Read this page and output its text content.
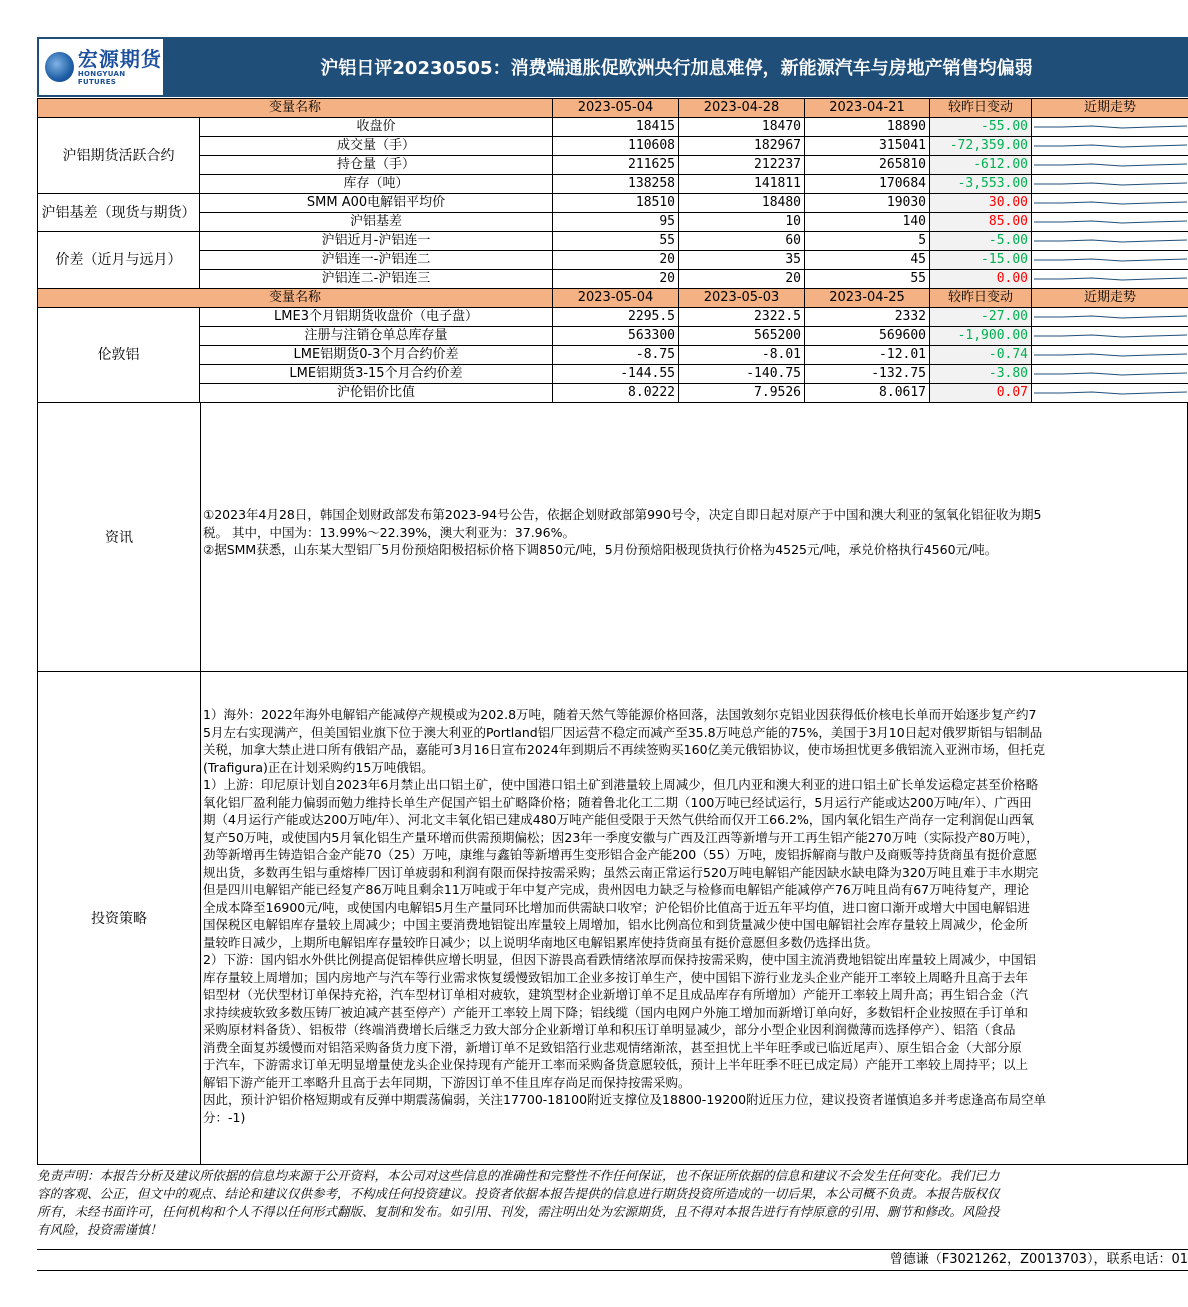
宏源期货
HONGYUAN FUTURES
沪铝日评20230505：消费端通胀促欧洲央行加息难停，新能源汽车与房地产销售均偏弱
变量名称		2023-05-04	2023-04-28	2023-04-21	较昨日变动	近期走势
沪铝期货活跃合约	收盘价	18415	18470	18890	-55.00	

	成交量（手）	110608	182967	315041	-72,359.00	

	持仓量（手）	211625	212237	265810	-612.00	

	库存（吨）	138258	141811	170684	-3,553.00	

沪铝基差（现货与期货）	SMM A00电解铝平均价	18510	18480	19030	30.00	

	沪铝基差	95	10	140	85.00	

价差（近月与远月）	沪铝近月-沪铝连一	55	60	5	-5.00	

	沪铝连一-沪铝连二	20	35	45	-15.00	

	沪铝连二-沪铝连三	20	20	55	0.00	
变量名称		2023-05-04	2023-05-03	2023-04-25	较昨日变动	近期走势
伦敦铝	LME3个月铝期货收盘价（电子盘）	2295.5	2322.5	2332	-27.00	

	注册与注销仓单总库存量	563300	565200	569600	-1,900.00	

	LME铝期货0-3个月合约价差	-8.75	-8.01	-12.01	-0.74	

	LME铝期货3-15个月合约价差	-144.55	-140.75	-132.75	-3.80	

	沪伦铝价比值	8.0222	7.9526	8.0617	0.07	
资讯
①2023年4月28日，韩国企划财政部发布第2023-94号公告，依据企划财政部第990号令，决定自即日起对原产于中国和澳大利亚的氢氧化铝征收为期5
税。 其中，中国为：13.99%～22.39%，澳大利亚为：37.96%。
②据SMM获悉，山东某大型铝厂5月份预焙阳极招标价格下调850元/吨，5月份预焙阳极现货执行价格为4525元/吨，承兑价格执行4560元/吨。
投资策略
1）海外：2022年海外电解铝产能减停产规模或为202.8万吨，随着天然气等能源价格回落，法国敦刻尔克铝业因获得低价核电长单而开始逐步复产约7
5月左右实现满产，但美国铝业旗下位于澳大利亚的Portland铝厂因运营不稳定而减产至35.8万吨总产能的75%，美国于3月10日起对俄罗斯铝与铝制品
关税，加拿大禁止进口所有俄铝产品，嘉能可3月16日宣布2024年到期后不再续签购买160亿美元俄铝协议，使市场担忧更多俄铝流入亚洲市场，但托克
(Trafigura)正在计划采购约15万吨俄铝。
1）上游：印尼原计划自2023年6月禁止出口铝土矿，使中国港口铝土矿到港量较上周减少，但几内亚和澳大利亚的进口铝土矿长单发运稳定甚至价格略
氧化铝厂盈利能力偏弱而勉力维持长单生产促国产铝土矿略降价格；随着鲁北化工二期（100万吨已经试运行，5月运行产能或达200万吨/年）、广西田
期（4月运行产能或达200万吨/年）、河北文丰氧化铝已建成480万吨产能但受限于天然气供给而仅开工66.2%，国内氧化铝生产尚存一定利润促山西氧
复产50万吨，或使国内5月氧化铝生产量环增而供需预期偏松；因23年一季度安徽与广西及江西等新增与开工再生铝产能270万吨（实际投产80万吨），
劲等新增再生铸造铝合金产能70（25）万吨，康维与鑫铂等新增再生变形铝合金产能200（55）万吨，废铝拆解商与散户及商贩等持货商虽有挺价意愿
规出货，多数再生铝与重熔棒厂因订单疲弱和利润有限而保持按需采购；虽然云南正常运行520万吨电解铝产能因缺水缺电降为320万吨且难于丰水期完
但是四川电解铝产能已经复产86万吨且剩余11万吨或于年中复产完成，贵州因电力缺乏与检修而电解铝产能减停产76万吨且尚有67万吨待复产，理论
全成本降至16900元/吨，或使国内电解铝5月生产量同环比增加而供需缺口收窄；沪伦铝价比值高于近五年平均值，进口窗口渐开或增大中国电解铝进
国保税区电解铝库存量较上周减少；中国主要消费地铝锭出库量较上周增加，铝水比例高位和到货量减少使中国电解铝社会库存量较上周减少，伦金所
量较昨日减少，上期所电解铝库存量较昨日减少；以上说明华南地区电解铝累库使持货商虽有挺价意愿但多数仍选择出货。
2）下游：国内铝水外供比例提高促铝棒供应增长明显，但因下游畏高看跌情绪浓厚而保持按需采购，使中国主流消费地铝锭出库量较上周减少，中国铝
库存量较上周增加；国内房地产与汽车等行业需求恢复缓慢致铝加工企业多按订单生产，使中国铝下游行业龙头企业产能开工率较上周略升且高于去年
铝型材（光伏型材订单保持充裕，汽车型材订单相对疲软，建筑型材企业新增订单不足且成品库存有所增加）产能开工率较上周升高；再生铝合金（汽
求持续疲软致多数压铸厂被迫减产甚至停产）产能开工率较上周下降；铝线缆（国内电网户外施工增加而新增订单向好，多数铝杆企业按照在手订单和
采购原材料备货）、铝板带（终端消费增长后继乏力致大部分企业新增订单和积压订单明显减少，部分小型企业因利润微薄而选择停产）、铝箔（食品
消费全面复苏缓慢而对铝箔采购备货力度下滑，新增订单不足致铝箔行业悲观情绪渐浓，甚至担忧上半年旺季或已临近尾声）、原生铝合金（大部分原
于汽车，下游需求订单无明显增量使龙头企业保持现有产能开工率而采购备货意愿较低，预计上半年旺季不旺已成定局）产能开工率较上周持平；以上
解铝下游产能开工率略升且高于去年同期，下游因订单不佳且库存尚足而保持按需采购。
因此，预计沪铝价格短期或有反弹中期震荡偏弱，关注17700-18100附近支撑位及18800-19200附近压力位，建议投资者谨慎追多并考虑逢高布局空单
分：-1)
免责声明：本报告分析及建议所依据的信息均来源于公开资料，本公司对这些信息的准确性和完整性不作任何保证，也不保证所依据的信息和建议不会发生任何变化。我们已力
容的客观、公正，但文中的观点、结论和建议仅供参考，不构成任何投资建议。投资者依据本报告提供的信息进行期货投资所造成的一切后果，本公司概不负责。本报告版权仅
所有，未经书面许可，任何机构和个人不得以任何形式翻版、复制和发布。如引用、刊发，需注明出处为宏源期货，且不得对本报告进行有悖原意的引用、删节和修改。风险投
有风险，投资需谨慎！
曾德谦（F3021262，Z0013703），联系电话：01
